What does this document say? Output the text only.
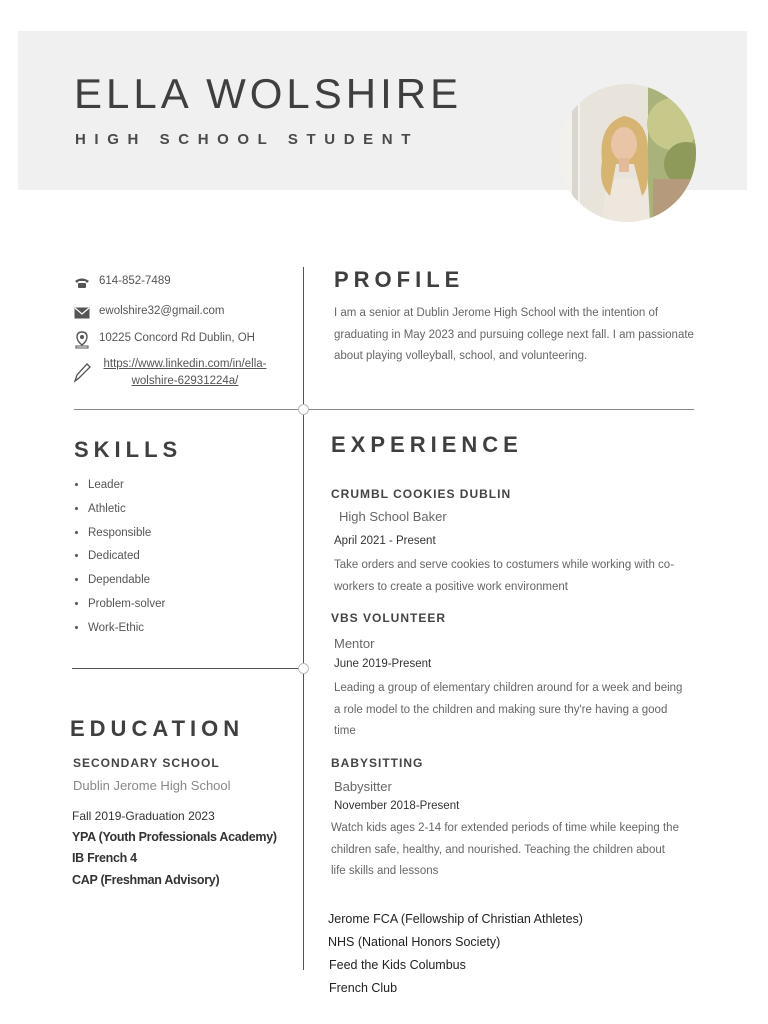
ELLA WOLSHIRE
HIGH SCHOOL STUDENT
614-852-7489
ewolshire32@gmail.com
10225 Concord Rd Dublin, OH
https://www.linkedin.com/in/ella-
wolshire-62931224a/
SKILLS
• Leader
• Athletic
• Responsible
• Dedicated
• Dependable
• Problem-solver
• Work-Ethic
EDUCATION
SECONDARY SCHOOL
Dublin Jerome High School
Fall 2019-Graduation 2023
YPA (Youth Professionals Academy)
IB French 4
CAP (Freshman Advisory)
PROFILE
I am a senior at Dublin Jerome High School with the intention of
graduating in May 2023 and pursuing college next fall. I am passionate
about playing volleyball, school, and volunteering.
EXPERIENCE
CRUMBL COOKIES DUBLIN
High School Baker
April 2021 - Present
Take orders and serve cookies to costumers while working with co-
workers to create a positive work environment
VBS VOLUNTEER
Mentor
June 2019-Present
Leading a group of elementary children around for a week and being
a role model to the children and making sure thy're having a good
time
BABYSITTING
Babysitter
November 2018-Present
Watch kids ages 2-14 for extended periods of time while keeping the
children safe, healthy, and nourished. Teaching the children about
life skills and lessons
Jerome FCA (Fellowship of Christian Athletes)
NHS (National Honors Society)
Feed the Kids Columbus
French Club
